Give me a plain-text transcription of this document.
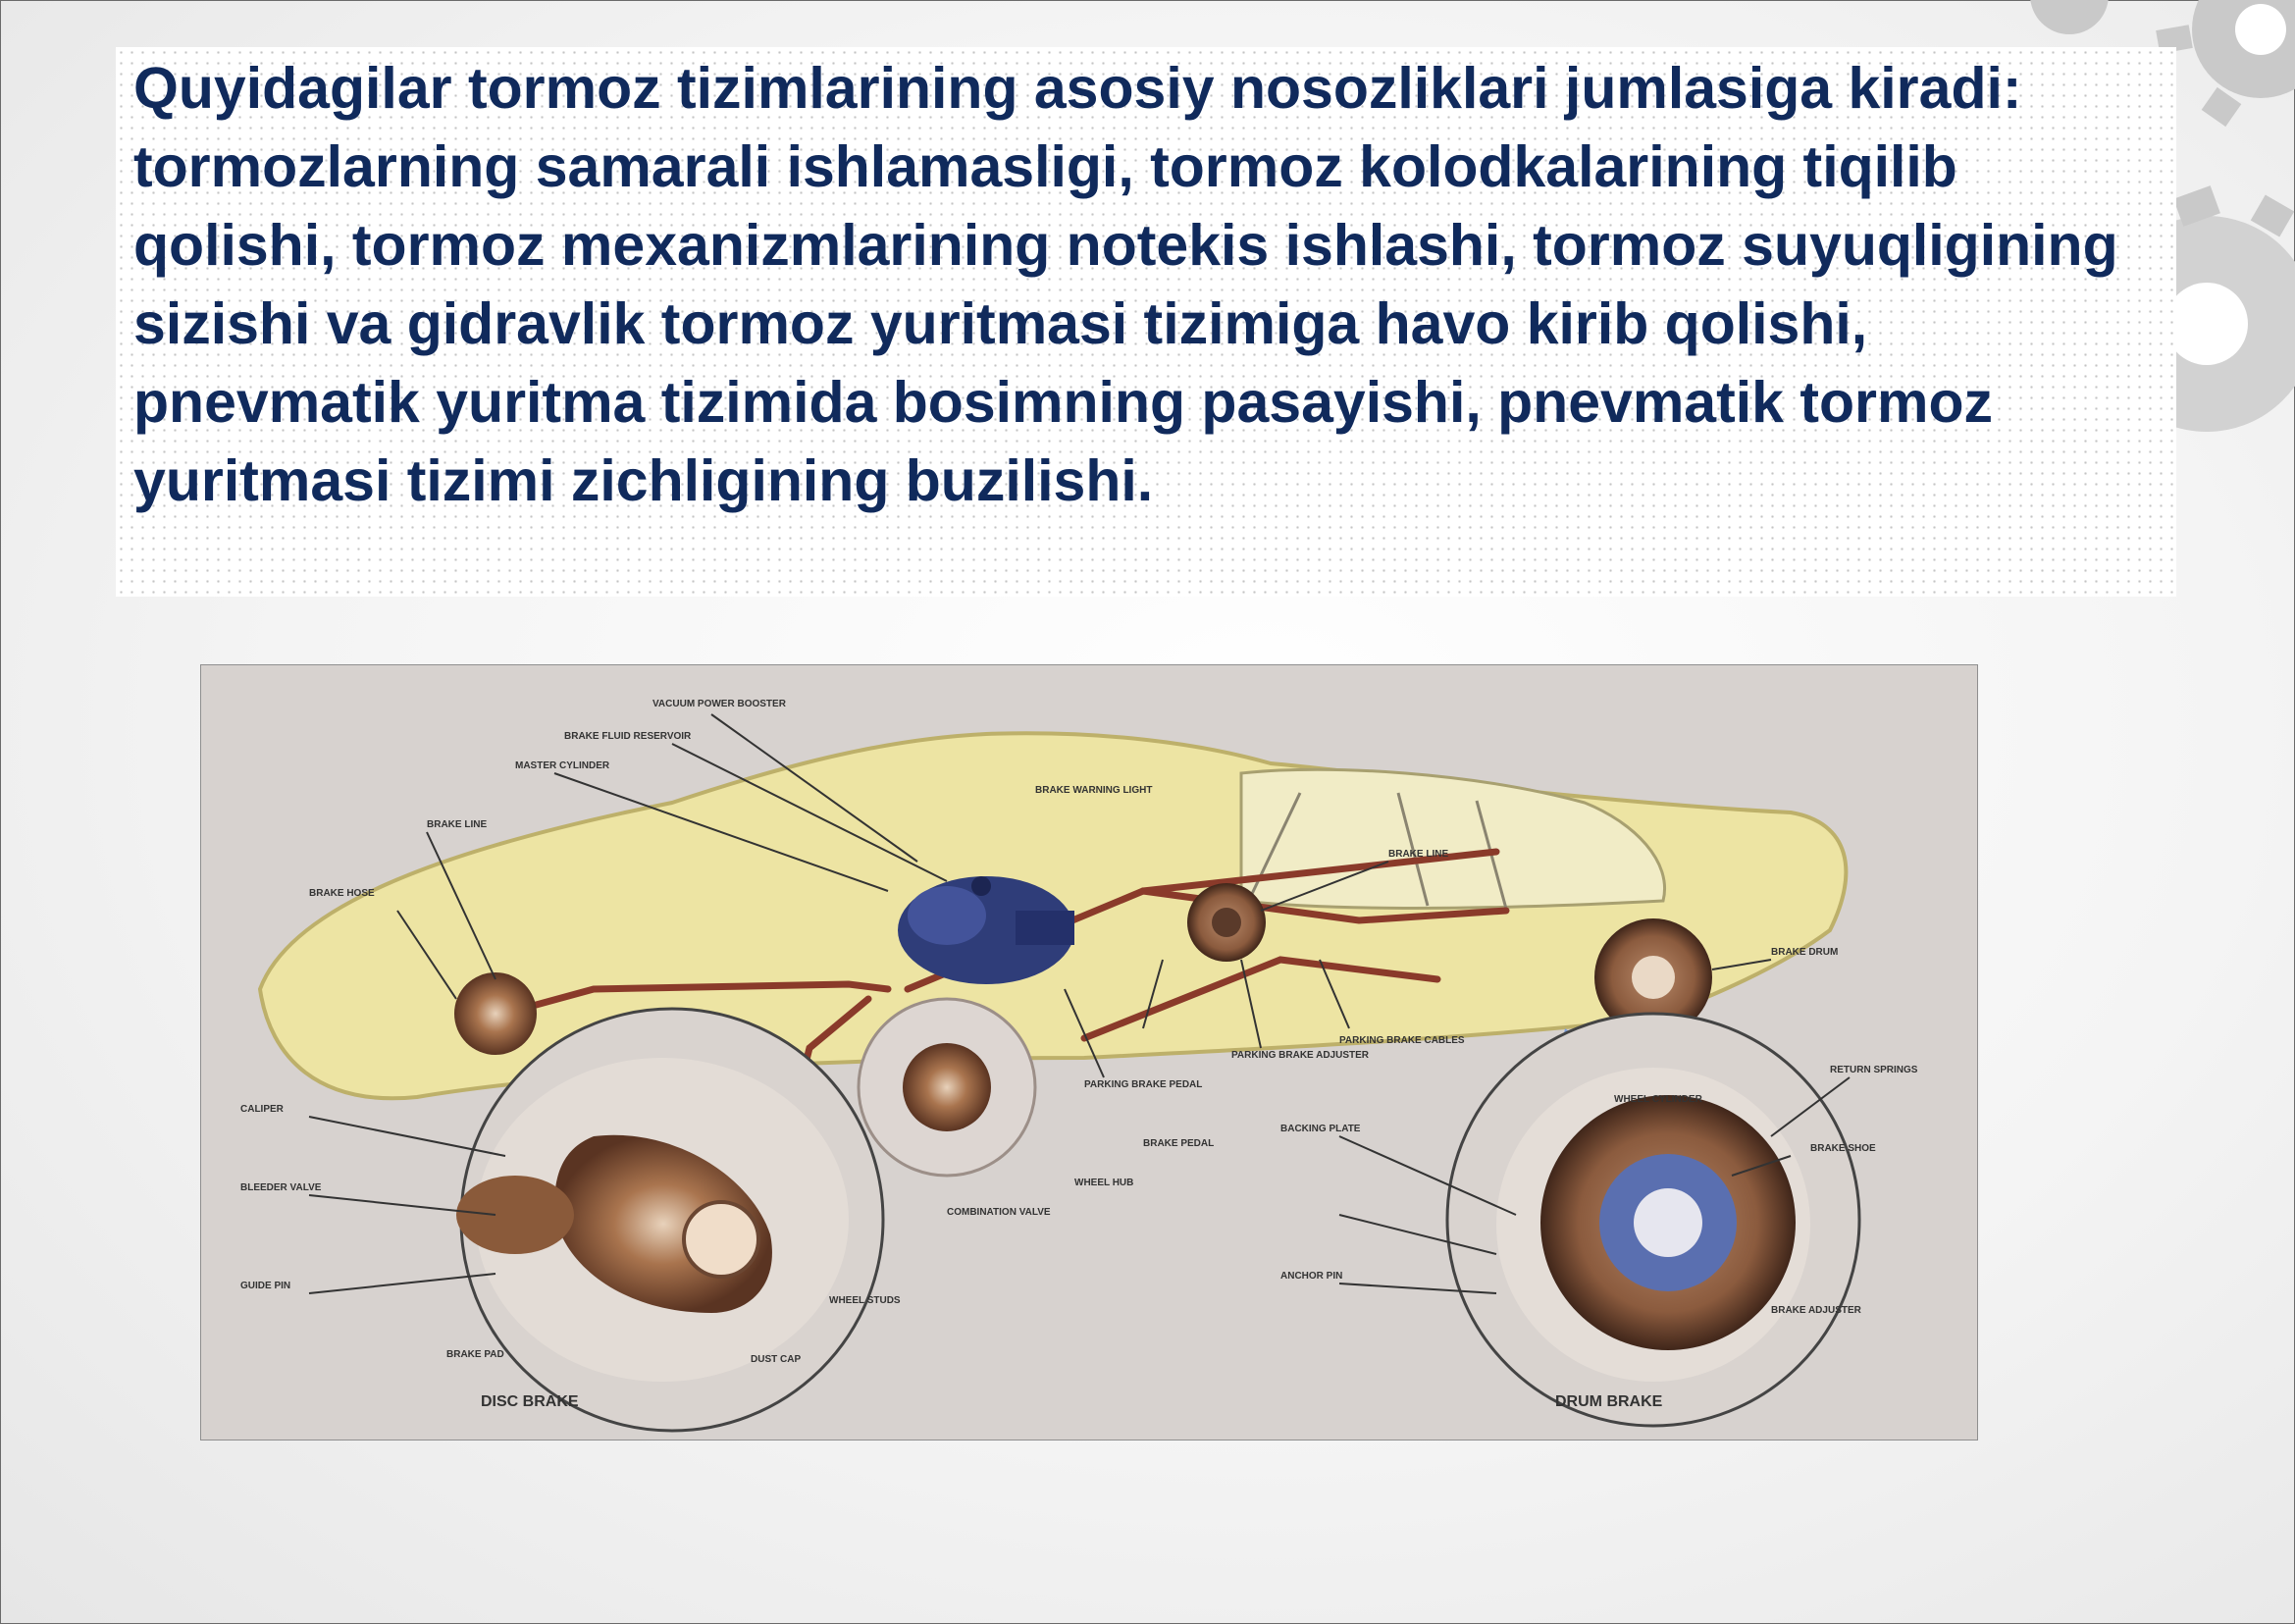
Quyidagilar tormoz tizimlarining asosiy nosozliklari jumlasiga kiradi: tormozlarning samarali ishlamasligi, tormoz kolodkalarining tiqilib qolishi, tormoz mexanizmlarining notekis ishlashi, tormoz suyuqligining sizishi va gidravlik tormoz yuritmasi tizimiga havo kirib qolishi, pnevmatik yuritma tizimida bosimning pasayishi, pnevmatik tormoz yuritmasi tizimi zichligining buzilishi.

VACUUM POWER BOOSTER
BRAKE FLUID RESERVOIR
MASTER CYLINDER
BRAKE WARNING LIGHT
BRAKE LINE
BRAKE HOSE
BRAKE LINE
BRAKE DRUM
PARKING BRAKE PEDAL
PARKING BRAKE ADJUSTER
PARKING BRAKE CABLES
BRAKE PEDAL
WHEEL HUB
COMBINATION VALVE
CALIPER
BLEEDER VALVE
GUIDE PIN
BRAKE PAD
WHEEL STUDS
DUST CAP
WHEEL CYLINDER
RETURN SPRINGS
BRAKE SHOE
BACKING PLATE
BRAKE ADJUSTER
ANCHOR PIN
DISC BRAKE	DRUM BRAKE
